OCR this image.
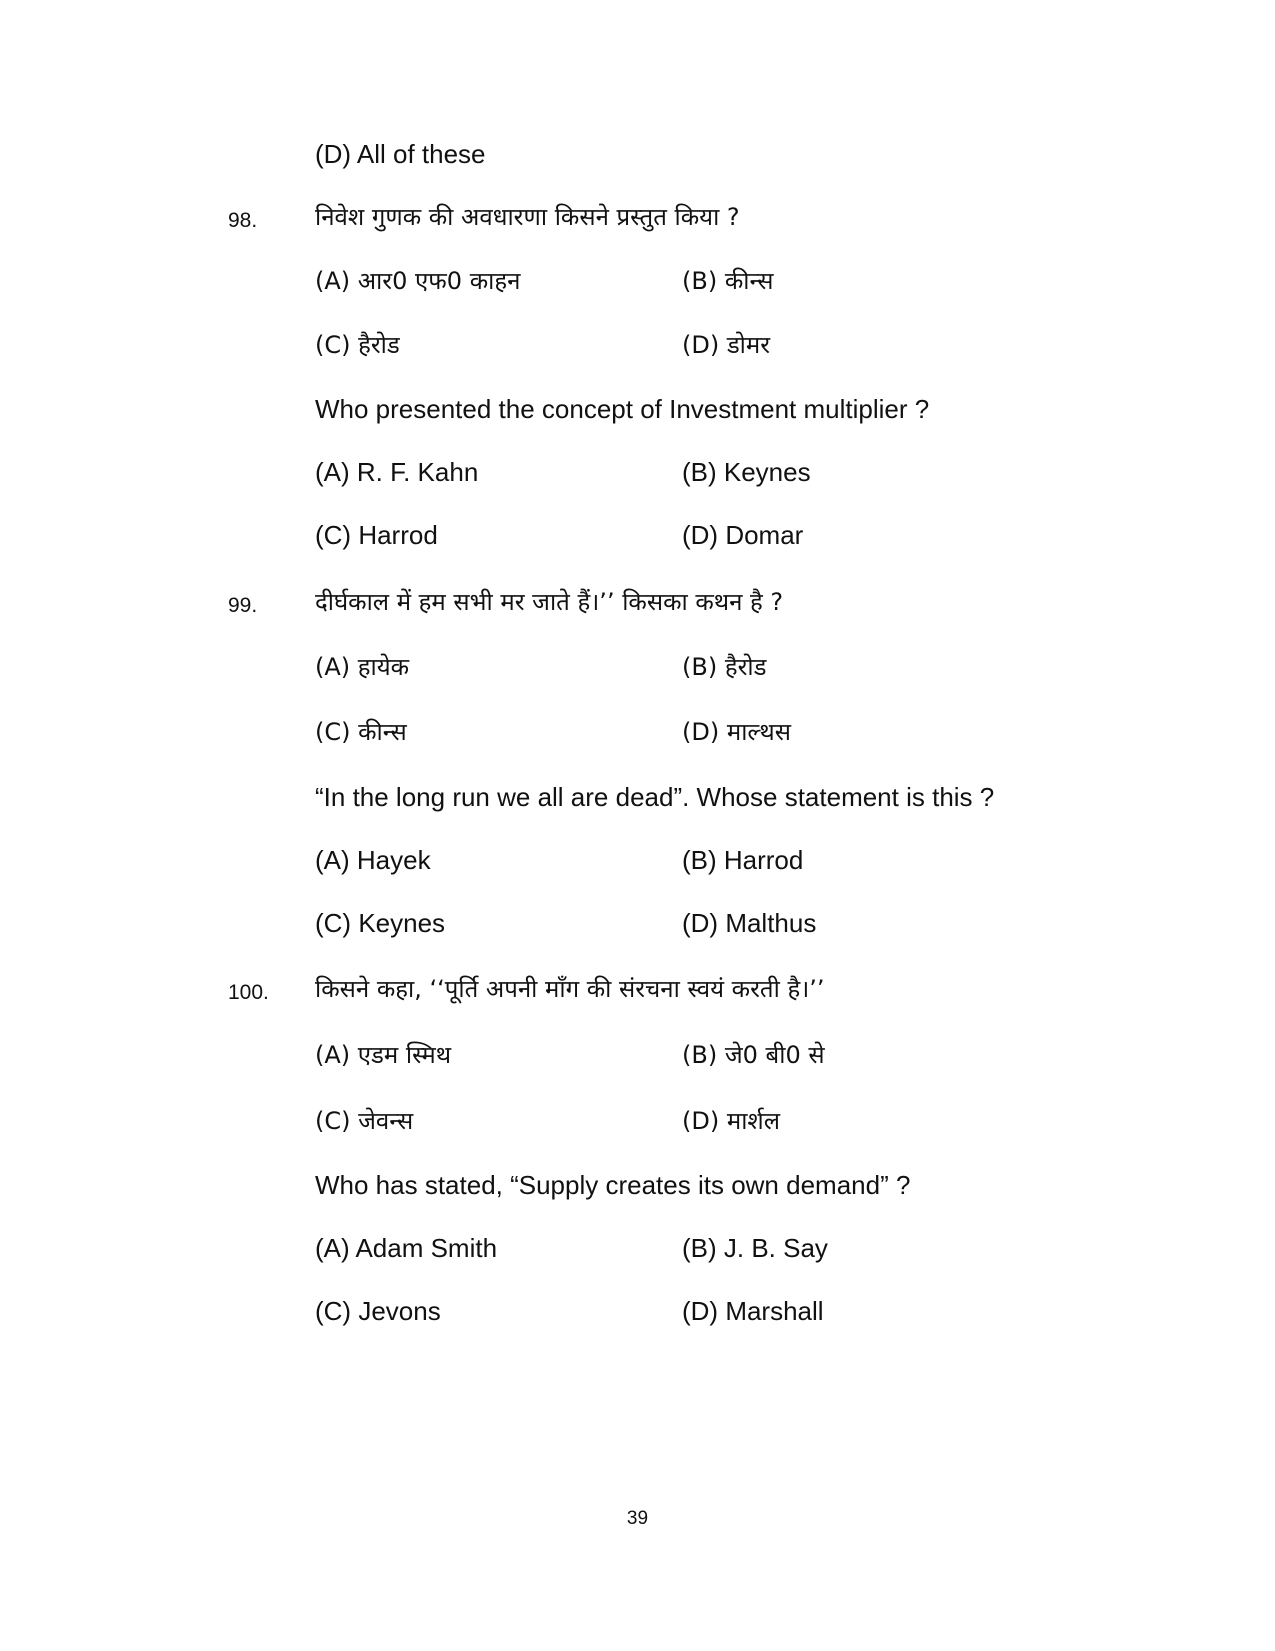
(D) All of these
98. निवेश गुणक की अवधारणा किसने प्रस्तुत किया ?
(A) आर0 एफ0 काहन	(B) कीन्स
(C) हैरोड	(D) डोमर
Who presented the concept of Investment multiplier ?
(A) R. F. Kahn	(B) Keynes
(C) Harrod	(D) Domar
99. दीर्घकाल में हम सभी मर जाते हैं।’’ किसका कथन है ?
(A) हायेक	(B) हैरोड
(C) कीन्स	(D) माल्थस
“In the long run we all are dead”. Whose statement is this ?
(A) Hayek	(B) Harrod
(C) Keynes	(D) Malthus
100. किसने कहा, ‘‘पूर्ति अपनी माँग की संरचना स्वयं करती है।’’
(A) एडम स्मिथ	(B) जे0 बी0 से
(C) जेवन्स	(D) मार्शल
Who has stated, “Supply creates its own demand” ?
(A) Adam Smith	(B) J. B. Say
(C) Jevons	(D) Marshall
39
